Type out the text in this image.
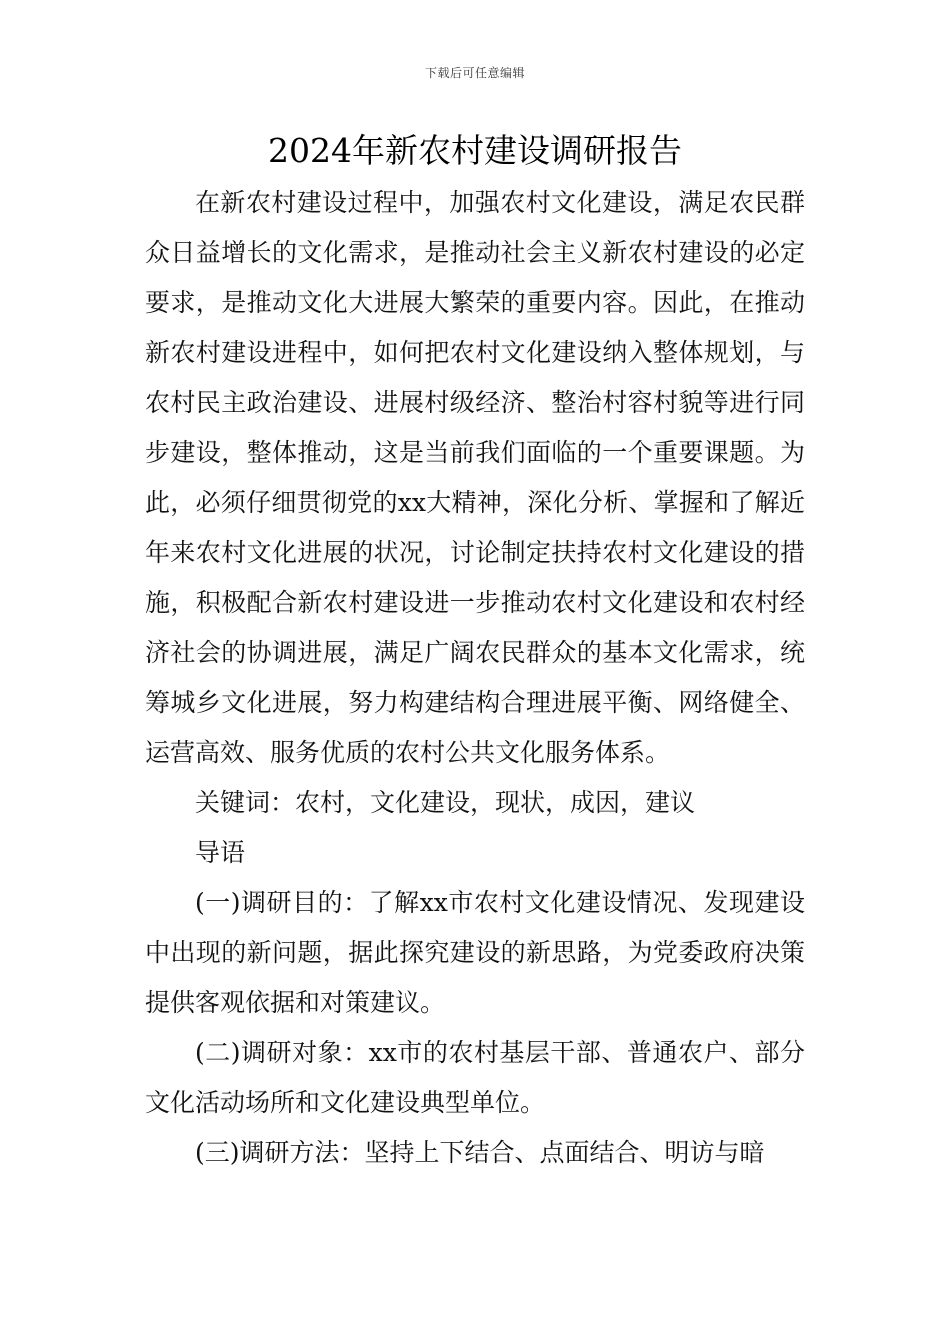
下载后可任意编辑
2024年新农村建设调研报告

在新农村建设过程中，加强农村文化建设，满足农民群众日益增长的文化需求，是推动社会主义新农村建设的必定要求，是推动文化大进展大繁荣的重要内容。因此，在推动新农村建设进程中，如何把农村文化建设纳入整体规划，与农村民主政治建设、进展村级经济、整治村容村貌等进行同步建设，整体推动，这是当前我们面临的一个重要课题。为此，必须仔细贯彻党的xx大精神，深化分析、掌握和了解近年来农村文化进展的状况，讨论制定扶持农村文化建设的措施，积极配合新农村建设进一步推动农村文化建设和农村经济社会的协调进展，满足广阔农民群众的基本文化需求，统筹城乡文化进展，努力构建结构合理进展平衡、网络健全、运营高效、服务优质的农村公共文化服务体系。

关键词：农村，文化建设，现状，成因，建议

导语

(一)调研目的：了解xx市农村文化建设情况、发现建设中出现的新问题，据此探究建设的新思路，为党委政府决策提供客观依据和对策建议。

(二)调研对象：xx市的农村基层干部、普通农户、部分文化活动场所和文化建设典型单位。

(三)调研方法：坚持上下结合、点面结合、明访与暗
